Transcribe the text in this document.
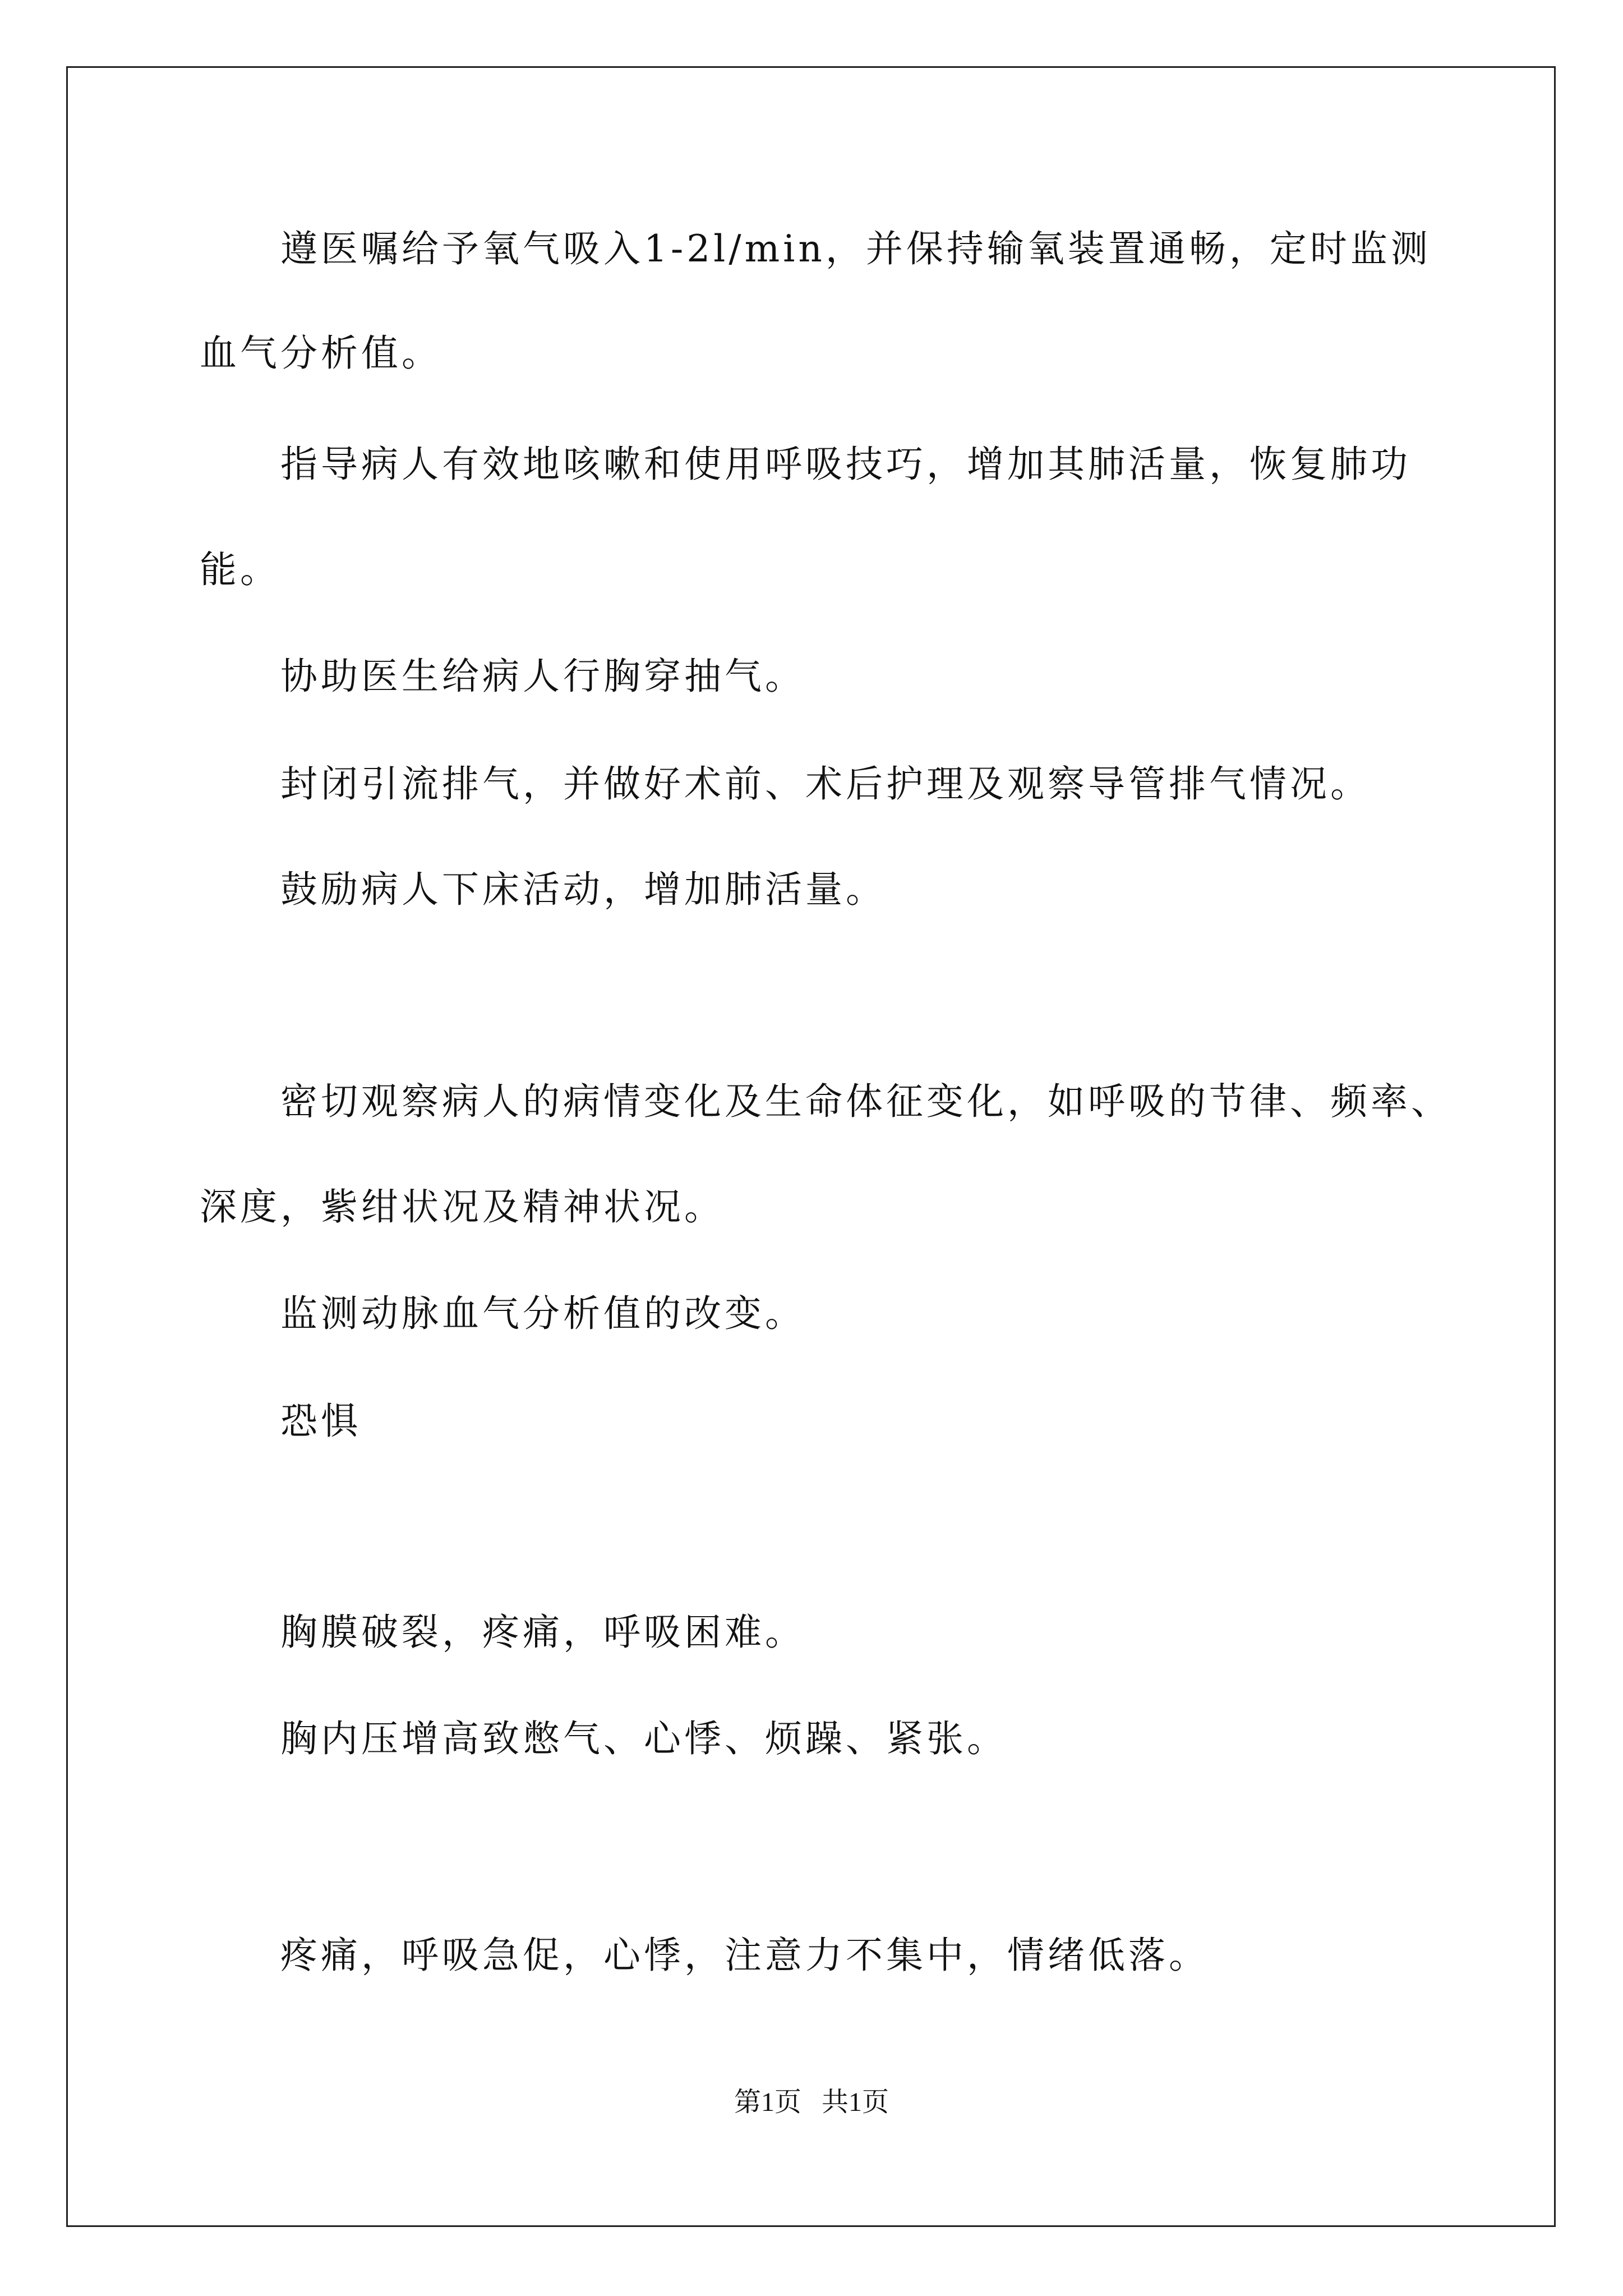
遵医嘱给予氧气吸入1-2l/min，并保持输氧装置通畅，定时监测
血气分析值。
指导病人有效地咳嗽和使用呼吸技巧，增加其肺活量，恢复肺功
能。
协助医生给病人行胸穿抽气。
封闭引流排气，并做好术前、术后护理及观察导管排气情况。
鼓励病人下床活动，增加肺活量。
密切观察病人的病情变化及生命体征变化，如呼吸的节律、频率、
深度，紫绀状况及精神状况。
监测动脉血气分析值的改变。
恐惧
胸膜破裂，疼痛，呼吸困难。
胸内压增高致憋气、心悸、烦躁、紧张。
疼痛，呼吸急促，心悸，注意力不集中，情绪低落。
第1页   共1页
